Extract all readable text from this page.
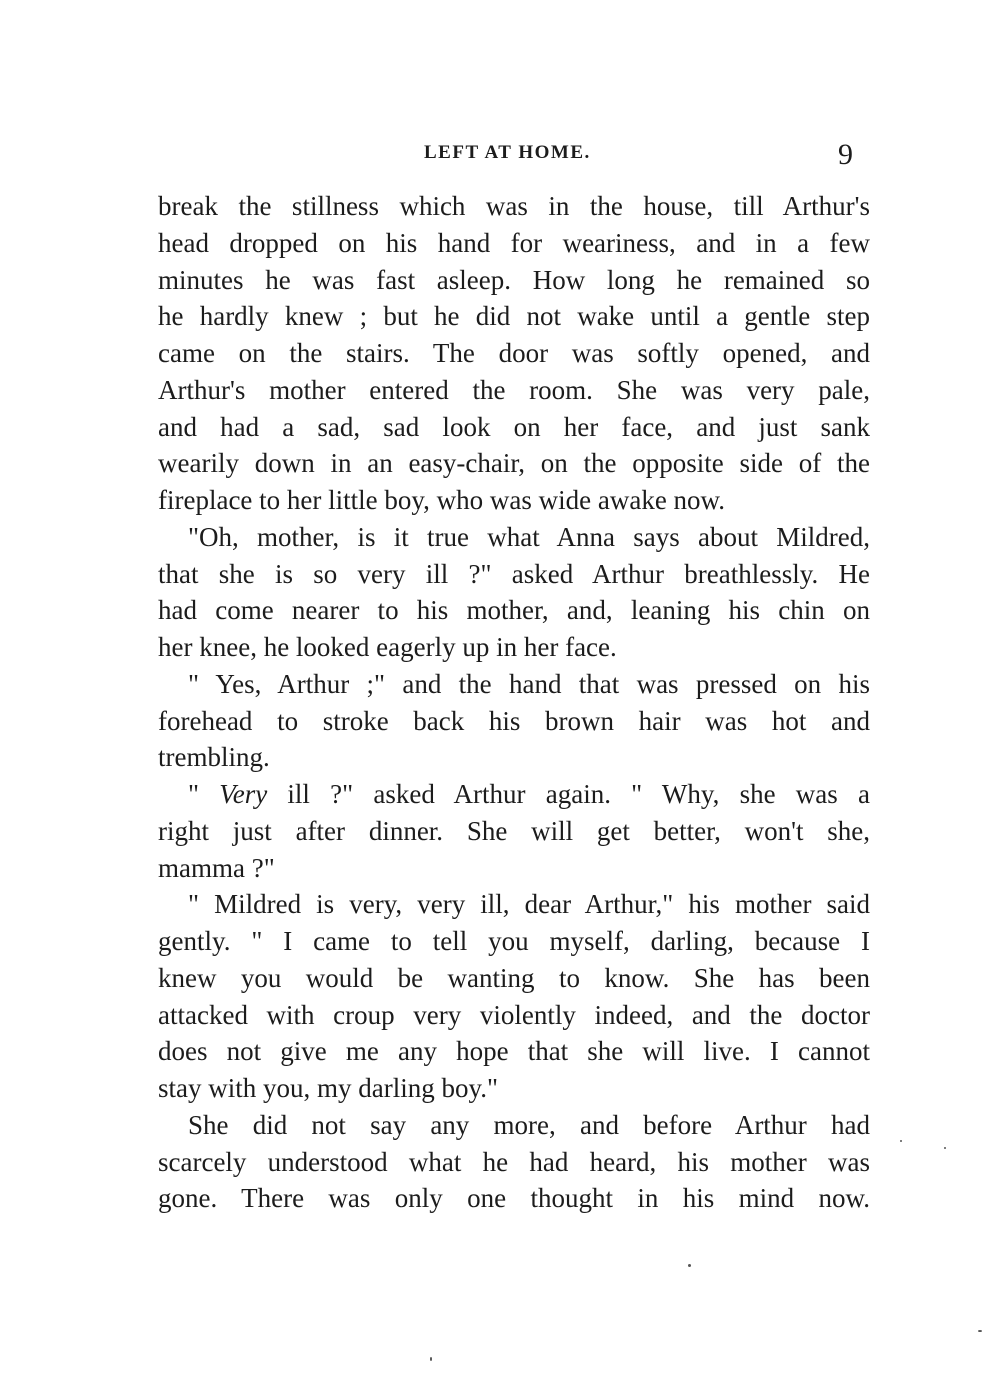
LEFT AT HOME.	9
break the stillness which was in the house, till Arthur's
head dropped on his hand for weariness, and in a few
minutes he was fast asleep. How long he remained so
he hardly knew ; but he did not wake until a gentle step
came on the stairs. The door was softly opened, and
Arthur's mother entered the room. She was very pale,
and had a sad, sad look on her face, and just sank
wearily down in an easy-chair, on the opposite side of the
fireplace to her little boy, who was wide awake now.
"Oh, mother, is it true what Anna says about Mildred,
that she is so very ill ?" asked Arthur breathlessly. He
had come nearer to his mother, and, leaning his chin on
her knee, he looked eagerly up in her face.
" Yes, Arthur ;" and the hand that was pressed on his
forehead to stroke back his brown hair was hot and
trembling.
" Very ill ?" asked Arthur again. " Why, she was a
right just after dinner. She will get better, won't she,
mamma ?"
" Mildred is very, very ill, dear Arthur," his mother said
gently. " I came to tell you myself, darling, because I
knew you would be wanting to know. She has been
attacked with croup very violently indeed, and the doctor
does not give me any hope that she will live. I cannot
stay with you, my darling boy."
She did not say any more, and before Arthur had
scarcely understood what he had heard, his mother was
gone. There was only one thought in his mind now.
